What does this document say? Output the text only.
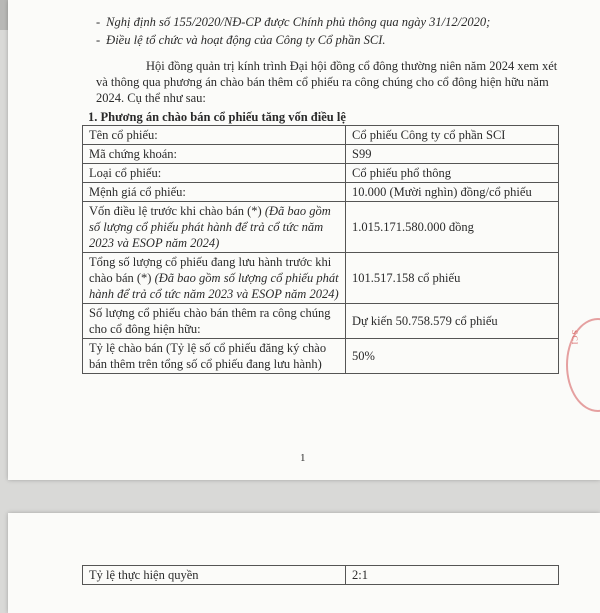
- Nghị định số 155/2020/NĐ-CP được Chính phủ thông qua ngày 31/12/2020;
- Điều lệ tổ chức và hoạt động của Công ty Cổ phần SCI.
Hội đồng quản trị kính trình Đại hội đồng cổ đông thường niên năm 2024 xem xét và thông qua phương án chào bán thêm cổ phiếu ra công chúng cho cổ đông hiện hữu năm 2024. Cụ thể như sau:
1. Phương án chào bán cổ phiếu tăng vốn điều lệ
Tên cổ phiếu:	Cổ phiếu Công ty cổ phần SCI
Mã chứng khoán:	S99
Loại cổ phiếu:	Cổ phiếu phổ thông
Mệnh giá cổ phiếu:	10.000 (Mười nghìn) đồng/cổ phiếu
Vốn điều lệ trước khi chào bán (*) (Đã bao gồm số lượng cổ phiếu phát hành để trả cổ tức năm 2023 và ESOP năm 2024)	1.015.171.580.000 đồng
Tổng số lượng cổ phiếu đang lưu hành trước khi chào bán (*) (Đã bao gồm số lượng cổ phiếu phát hành để trả cổ tức năm 2023 và ESOP năm 2024)	101.517.158 cổ phiếu
Số lượng cổ phiếu chào bán thêm ra công chúng cho cổ đông hiện hữu:	Dự kiến 50.758.579 cổ phiếu
Tỷ lệ chào bán (Tỷ lệ số cổ phiếu đăng ký chào bán thêm trên tổng số cổ phiếu đang lưu hành)	50%
1
SCI
Tỷ lệ thực hiện quyền	2:1
